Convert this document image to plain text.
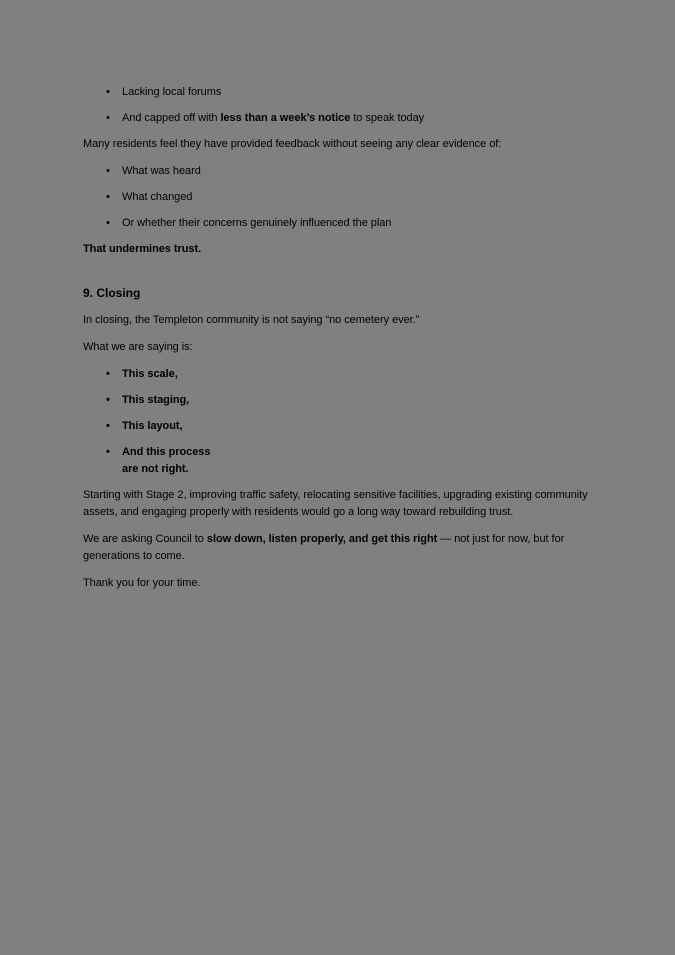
• Lacking local forums
• And capped off with less than a week’s notice to speak today

Many residents feel they have provided feedback without seeing any clear evidence of:

• What was heard
• What changed
• Or whether their concerns genuinely influenced the plan

That undermines trust.

9. Closing

In closing, the Templeton community is not saying “no cemetery ever.”

What we are saying is:

• This scale,
• This staging,
• This layout,
• And this process
are not right.

Starting with Stage 2, improving traffic safety, relocating sensitive facilities, upgrading existing community assets, and engaging properly with residents would go a long way toward rebuilding trust.

We are asking Council to slow down, listen properly, and get this right — not just for now, but for generations to come.

Thank you for your time.
